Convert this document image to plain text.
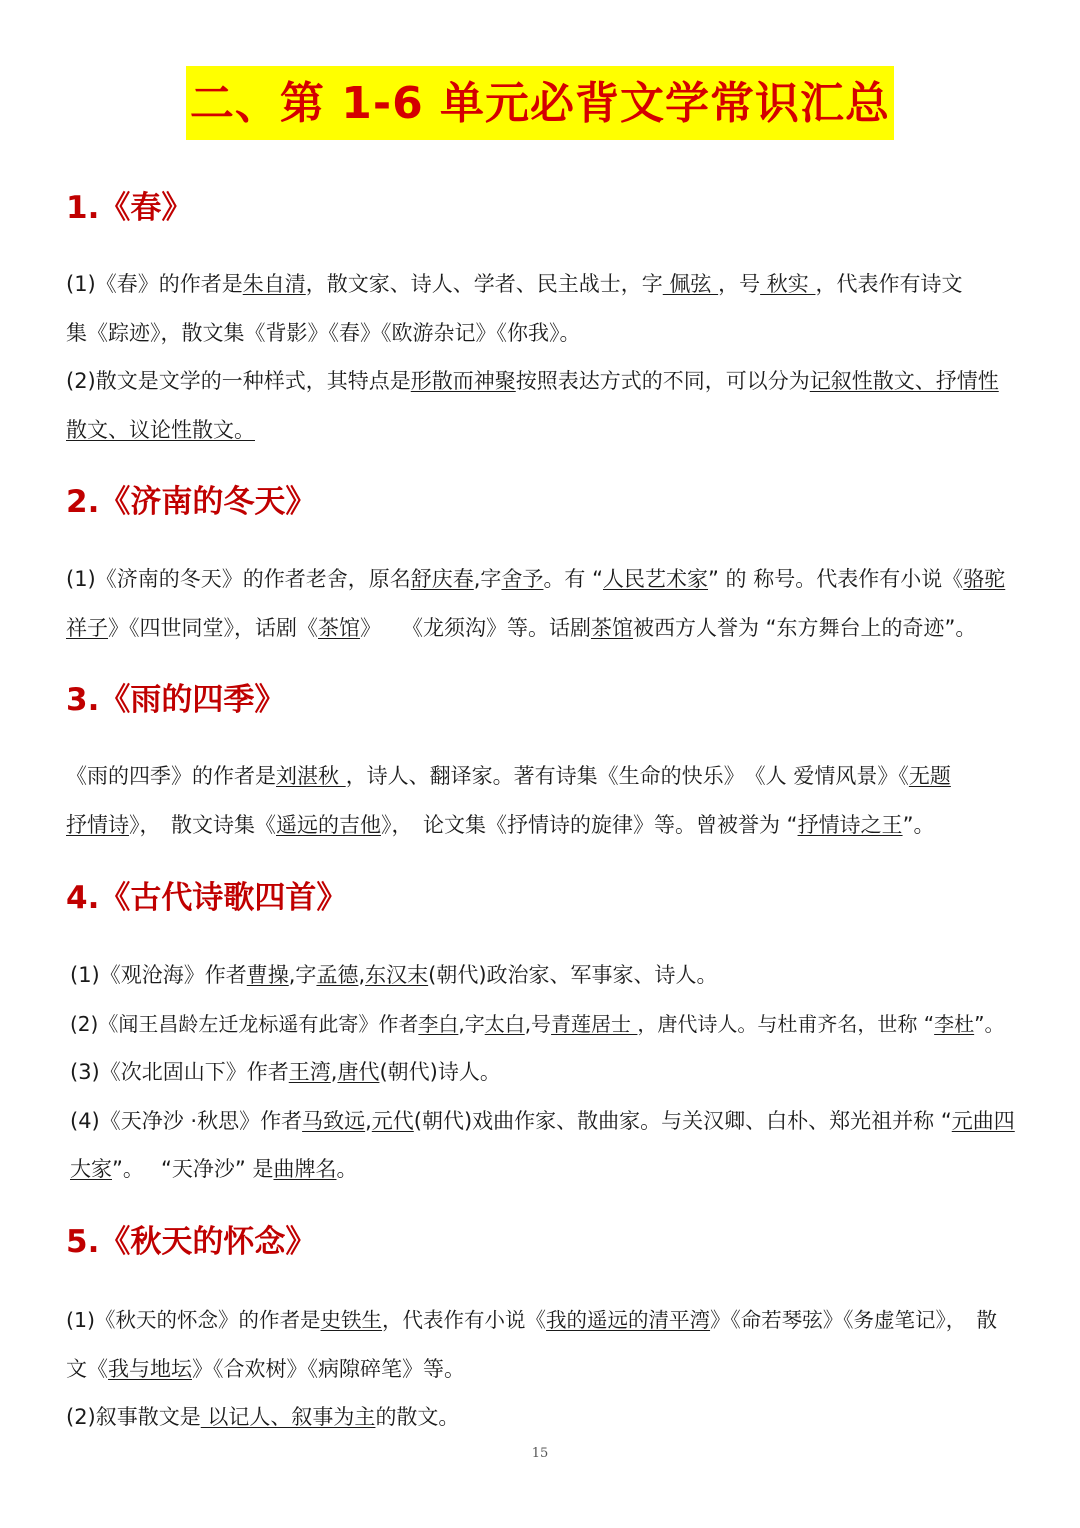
二、第 1-6 单元必背文学常识汇总
1.《春》
(1)《春》的作者是朱自清，散文家、诗人、学者、民主战士，字 佩弦 ，号 秋实 ，代表作有诗文
集《踪迹》，散文集《背影》《春》《欧游杂记》《你我》。
(2)散文是文学的一种样式，其特点是形散而神聚按照表达方式的不同，可以分为记叙性散文、抒情性
散文、议论性散文。
2.《济南的冬天》
(1)《济南的冬天》的作者老舍，原名舒庆春,字舍予。有 “人民艺术家” 的 称号。代表作有小说《骆驼
祥子》《四世同堂》，话剧《茶馆》　　《龙须沟》等。话剧茶馆被西方人誉为 “东方舞台上的奇迹”。
3.《雨的四季》
《雨的四季》的作者是刘湛秋 ，诗人、翻译家。著有诗集《生命的快乐》　《人 爱情风景》《无题
抒情诗》，　散文诗集《遥远的吉他》，　论文集《抒情诗的旋律》等。曾被誉为 “抒情诗之王”。
4.《古代诗歌四首》
(1)《观沧海》作者曹操,字孟德,东汉末(朝代)政治家、军事家、诗人。
(2)《闻王昌龄左迁龙标遥有此寄》作者李白,字太白,号青莲居士 ，唐代诗人。与杜甫齐名，世称 “李杜”。
(3)《次北固山下》作者王湾,唐代(朝代)诗人。
(4)《天净沙 ·秋思》作者马致远,元代(朝代)戏曲作家、散曲家。与关汉卿、白朴、郑光祖并称 “元曲四
大家”。　 “天净沙” 是曲牌名。
5.《秋天的怀念》
(1)《秋天的怀念》的作者是史铁生，代表作有小说《我的遥远的清平湾》《命若琴弦》《务虚笔记》，　散
文《我与地坛》《合欢树》《病隙碎笔》等。
(2)叙事散文是 以记人、叙事为主的散文。
15
